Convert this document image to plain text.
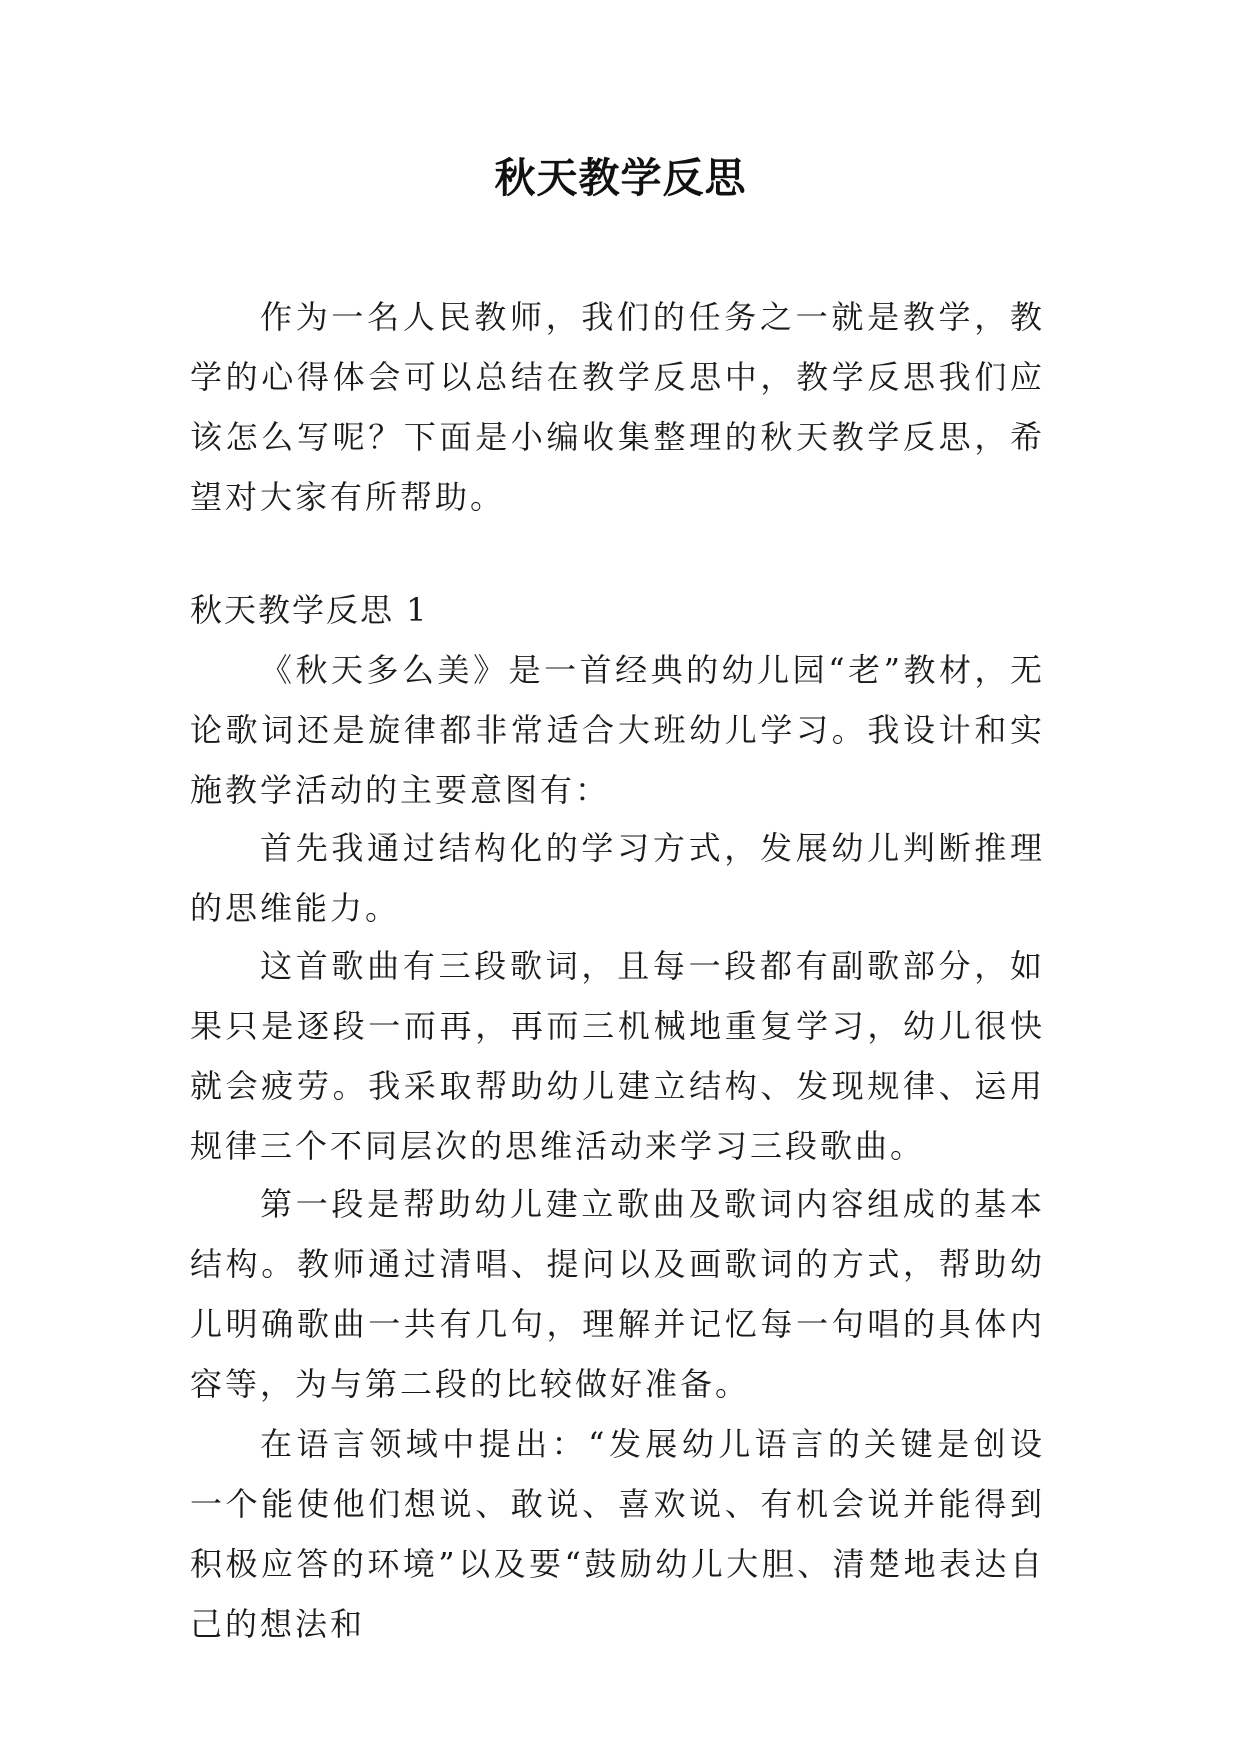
秋天教学反思

作为一名人民教师，我们的任务之一就是教学，教学的心得体会可以总结在教学反思中，教学反思我们应该怎么写呢？下面是小编收集整理的秋天教学反思，希望对大家有所帮助。

秋天教学反思 1

《秋天多么美》是一首经典的幼儿园“老”教材，无论歌词还是旋律都非常适合大班幼儿学习。我设计和实施教学活动的主要意图有：

首先我通过结构化的学习方式，发展幼儿判断推理的思维能力。

这首歌曲有三段歌词，且每一段都有副歌部分，如果只是逐段一而再，再而三机械地重复学习，幼儿很快就会疲劳。我采取帮助幼儿建立结构、发现规律、运用规律三个不同层次的思维活动来学习三段歌曲。

第一段是帮助幼儿建立歌曲及歌词内容组成的基本结构。教师通过清唱、提问以及画歌词的方式，帮助幼儿明确歌曲一共有几句，理解并记忆每一句唱的具体内容等，为与第二段的比较做好准备。

在语言领域中提出：“发展幼儿语言的关键是创设一个能使他们想说、敢说、喜欢说、有机会说并能得到积极应答的环境”以及要“鼓励幼儿大胆、清楚地表达自己的想法和
